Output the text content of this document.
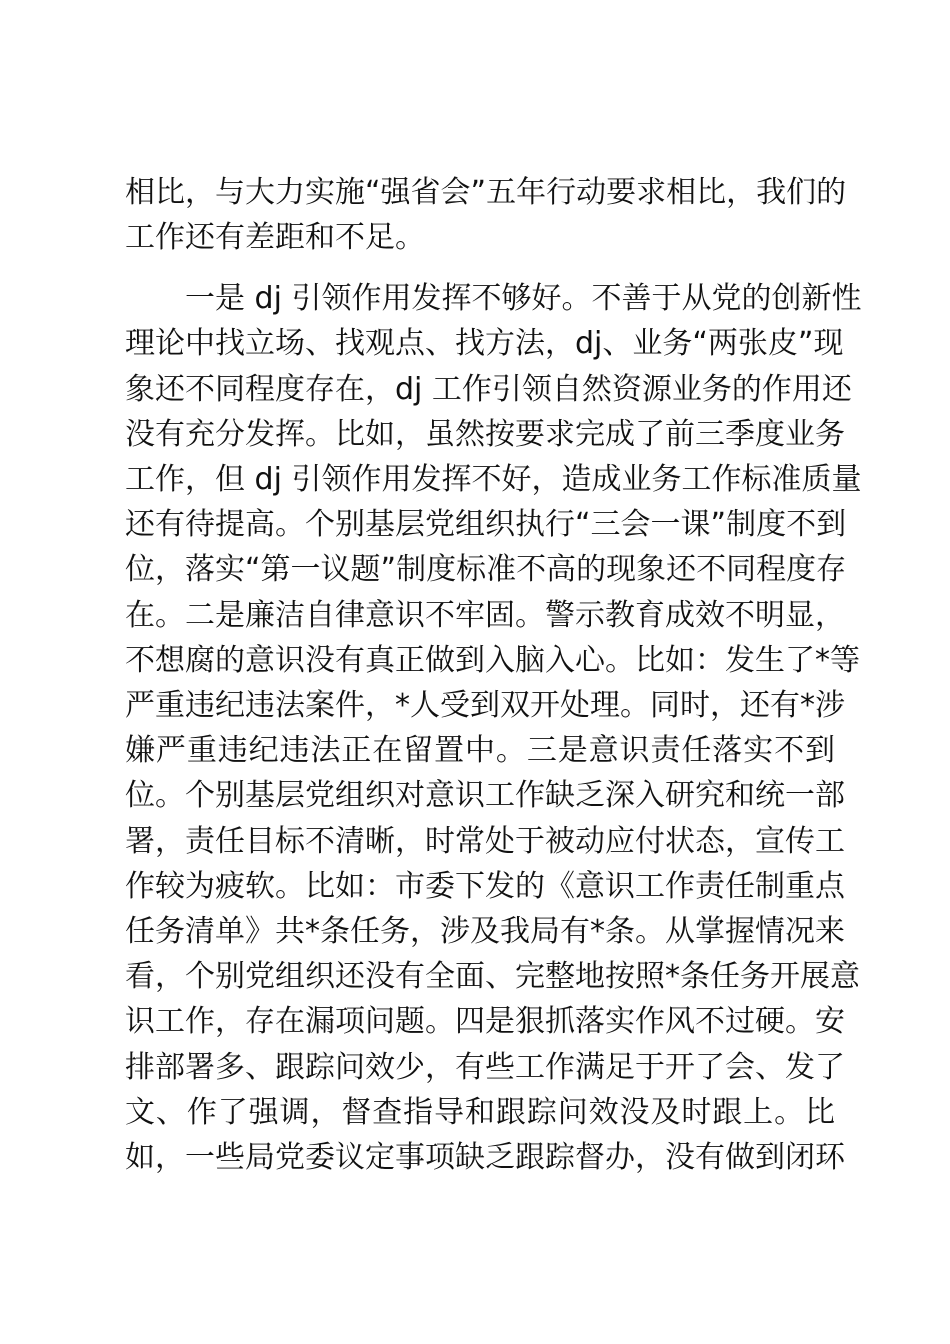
相比，与大力实施“强省会”五年行动要求相比，我们的
工作还有差距和不足。
一是 dj 引领作用发挥不够好。不善于从党的创新性
理论中找立场、找观点、找方法，dj、业务“两张皮”现
象还不同程度存在，dj 工作引领自然资源业务的作用还
没有充分发挥。比如，虽然按要求完成了前三季度业务
工作，但 dj 引领作用发挥不好，造成业务工作标准质量
还有待提高。个别基层党组织执行“三会一课”制度不到
位，落实“第一议题”制度标准不高的现象还不同程度存
在。二是廉洁自律意识不牢固。警示教育成效不明显，
不想腐的意识没有真正做到入脑入心。比如：发生了*等
严重违纪违法案件，*人受到双开处理。同时，还有*涉
嫌严重违纪违法正在留置中。三是意识责任落实不到
位。个别基层党组织对意识工作缺乏深入研究和统一部
署，责任目标不清晰，时常处于被动应付状态，宣传工
作较为疲软。比如：市委下发的《意识工作责任制重点
任务清单》共*条任务，涉及我局有*条。从掌握情况来
看，个别党组织还没有全面、完整地按照*条任务开展意
识工作，存在漏项问题。四是狠抓落实作风不过硬。安
排部署多、跟踪问效少，有些工作满足于开了会、发了
文、作了强调，督查指导和跟踪问效没及时跟上。比
如，一些局党委议定事项缺乏跟踪督办，没有做到闭环
